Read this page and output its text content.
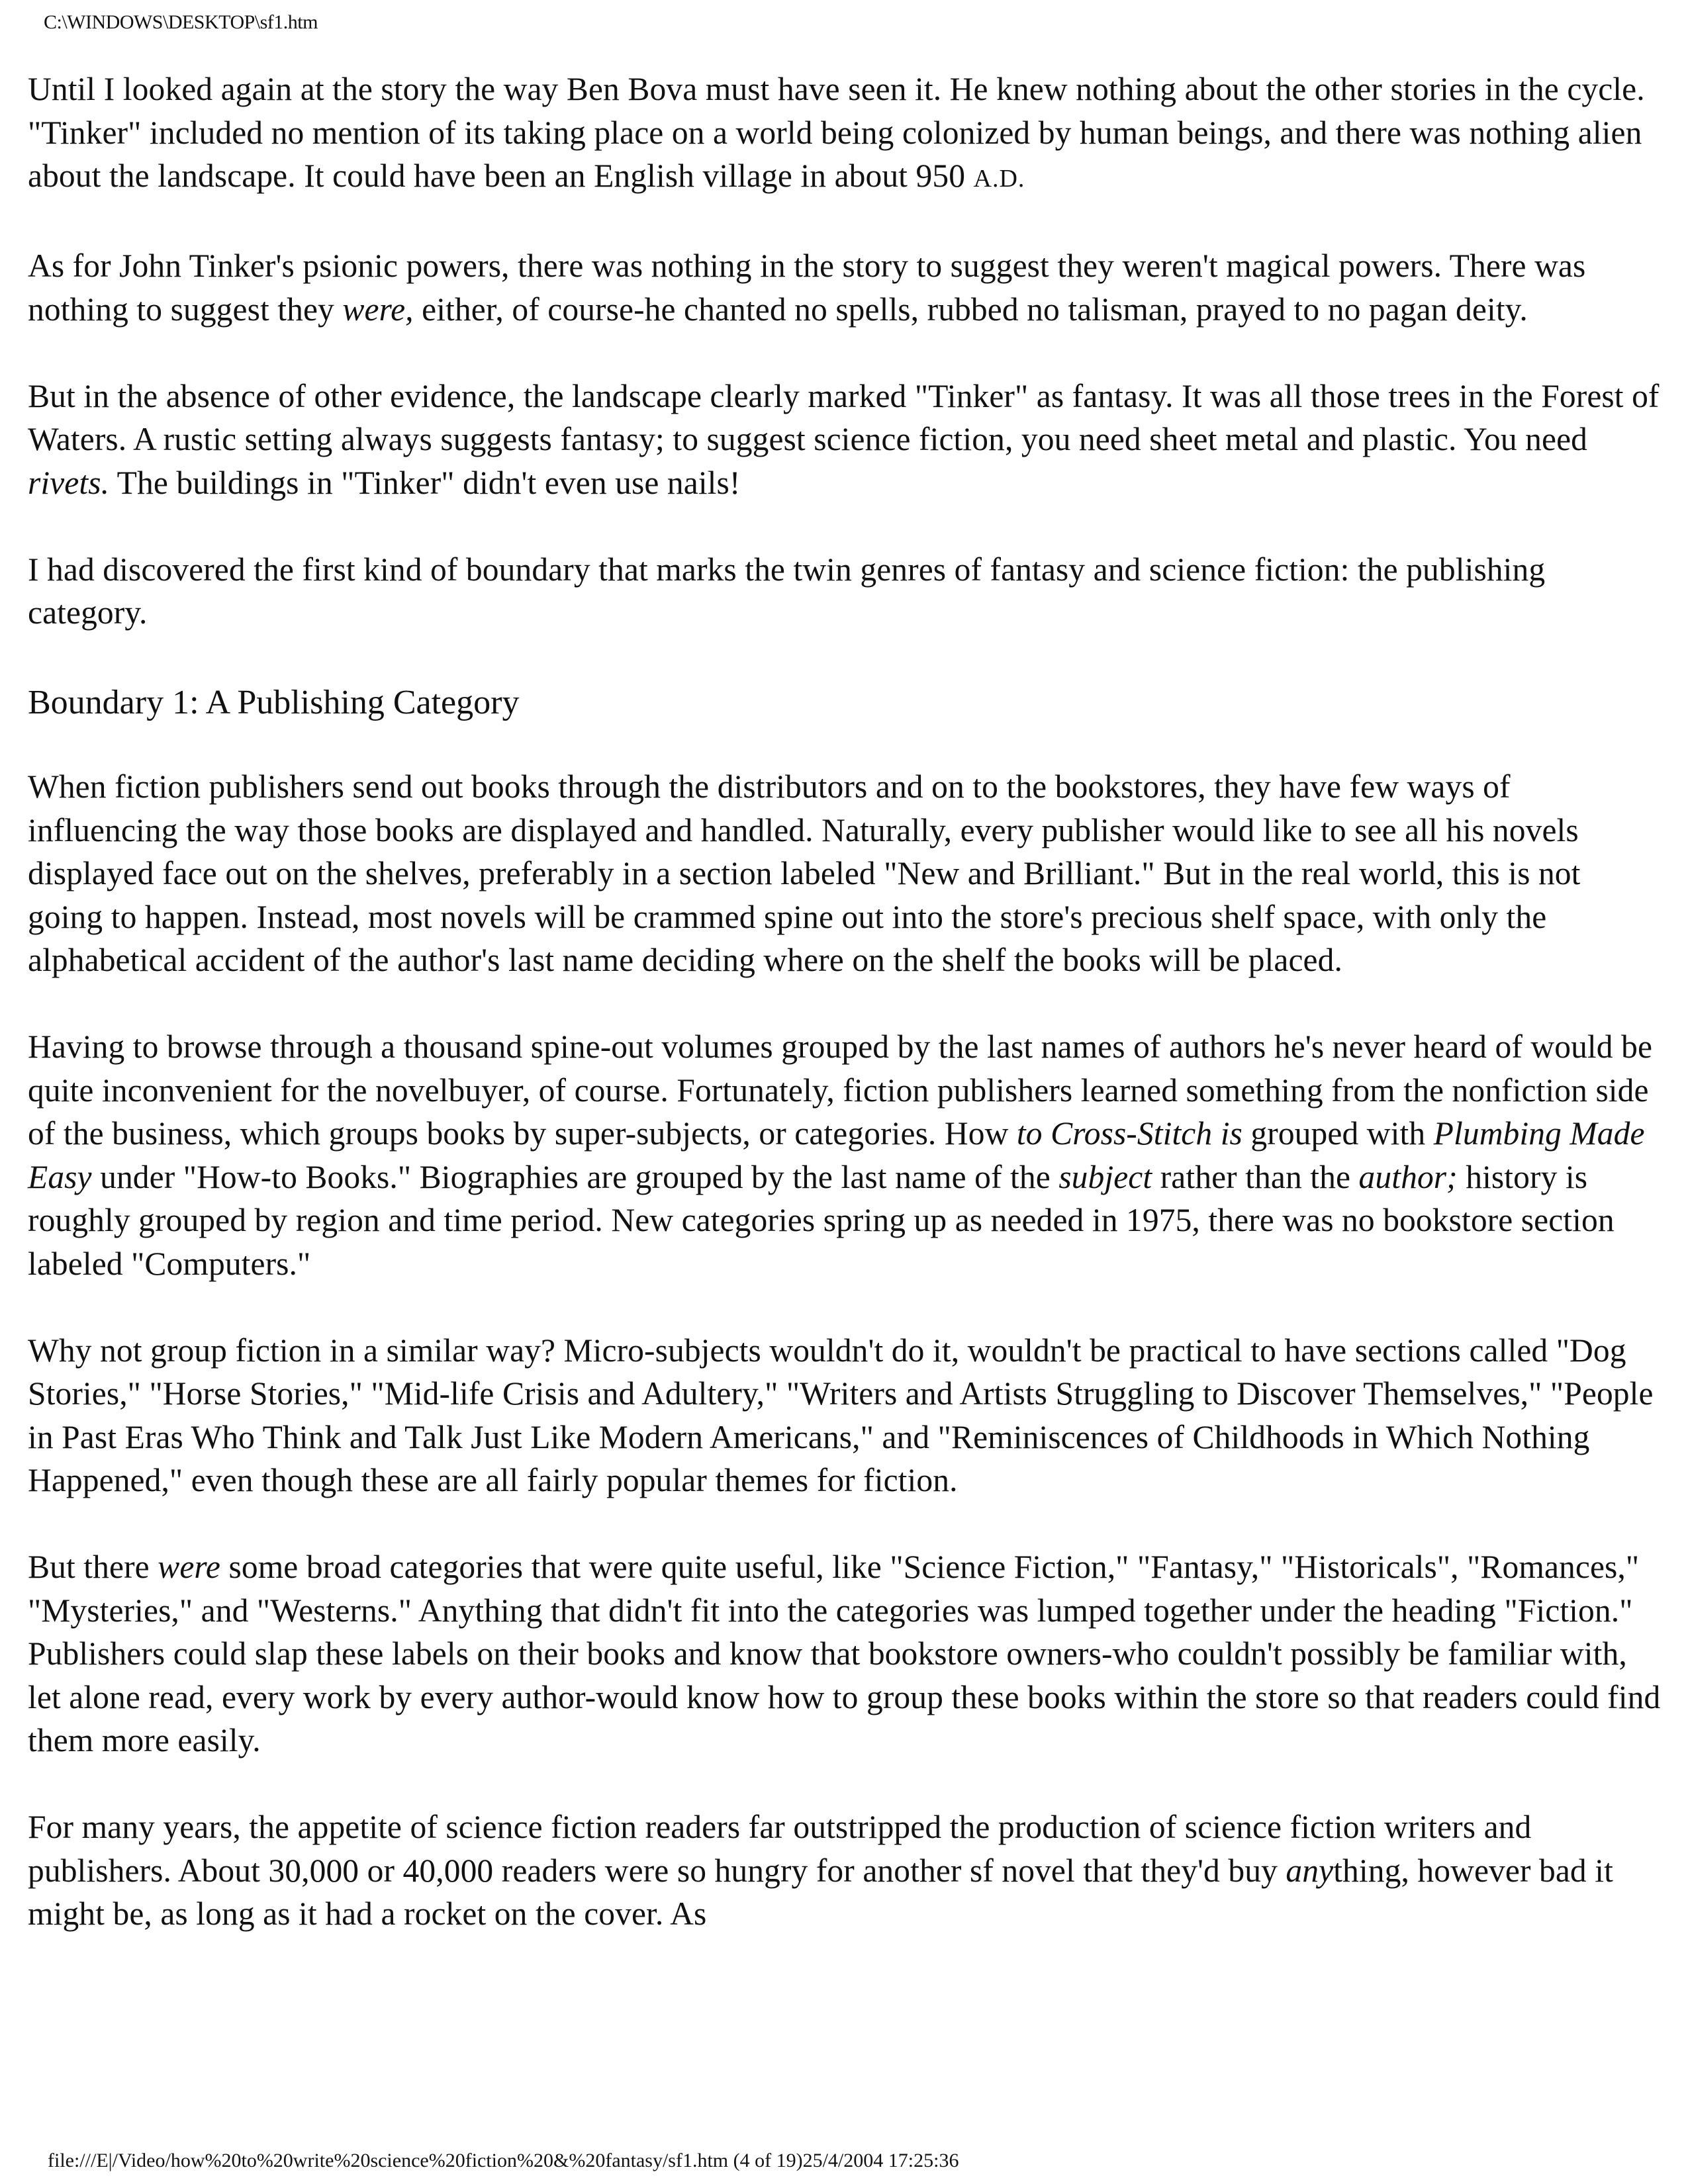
C:\WINDOWS\DESKTOP\sf1.htm

Until I looked again at the story the way Ben Bova must have seen it. He knew nothing about the other stories in the cycle. "Tinker" included no mention of its taking place on a world being colonized by human beings, and there was nothing alien about the landscape. It could have been an English village in about 950 A.D.

As for John Tinker's psionic powers, there was nothing in the story to suggest they weren't magical powers. There was nothing to suggest they were, either, of course-he chanted no spells, rubbed no talisman, prayed to no pagan deity.

But in the absence of other evidence, the landscape clearly marked "Tinker" as fantasy. It was all those trees in the Forest of Waters. A rustic setting always suggests fantasy; to suggest science fiction, you need sheet metal and plastic. You need rivets. The buildings in "Tinker" didn't even use nails!

I had discovered the first kind of boundary that marks the twin genres of fantasy and science fiction: the publishing category.

Boundary 1: A Publishing Category

When fiction publishers send out books through the distributors and on to the bookstores, they have few ways of influencing the way those books are displayed and handled. Naturally, every publisher would like to see all his novels displayed face out on the shelves, preferably in a section labeled "New and Brilliant." But in the real world, this is not going to happen. Instead, most novels will be crammed spine out into the store's precious shelf space, with only the alphabetical accident of the author's last name deciding where on the shelf the books will be placed.

Having to browse through a thousand spine-out volumes grouped by the last names of authors he's never heard of would be quite inconvenient for the novelbuyer, of course. Fortunately, fiction publishers learned something from the nonfiction side of the business, which groups books by super-subjects, or categories. How to Cross-Stitch is grouped with Plumbing Made Easy under "How-to Books." Biographies are grouped by the last name of the subject rather than the author; history is roughly grouped by region and time period. New categories spring up as needed in 1975, there was no bookstore section labeled "Computers."

Why not group fiction in a similar way? Micro-subjects wouldn't do it, wouldn't be practical to have sections called "Dog Stories," "Horse Stories," "Mid-life Crisis and Adultery," "Writers and Artists Struggling to Discover Themselves," "People in Past Eras Who Think and Talk Just Like Modern Americans," and "Reminiscences of Childhoods in Which Nothing Happened," even though these are all fairly popular themes for fiction.

But there were some broad categories that were quite useful, like "Science Fiction," "Fantasy," "Historicals", "Romances," "Mysteries," and "Westerns." Anything that didn't fit into the categories was lumped together under the heading "Fiction." Publishers could slap these labels on their books and know that bookstore owners-who couldn't possibly be familiar with, let alone read, every work by every author-would know how to group these books within the store so that readers could find them more easily.

For many years, the appetite of science fiction readers far outstripped the production of science fiction writers and publishers. About 30,000 or 40,000 readers were so hungry for another sf novel that they'd buy anything, however bad it might be, as long as it had a rocket on the cover. As

file:///E|/Video/how%20to%20write%20science%20fiction%20&%20fantasy/sf1.htm (4 of 19)25/4/2004 17:25:36
